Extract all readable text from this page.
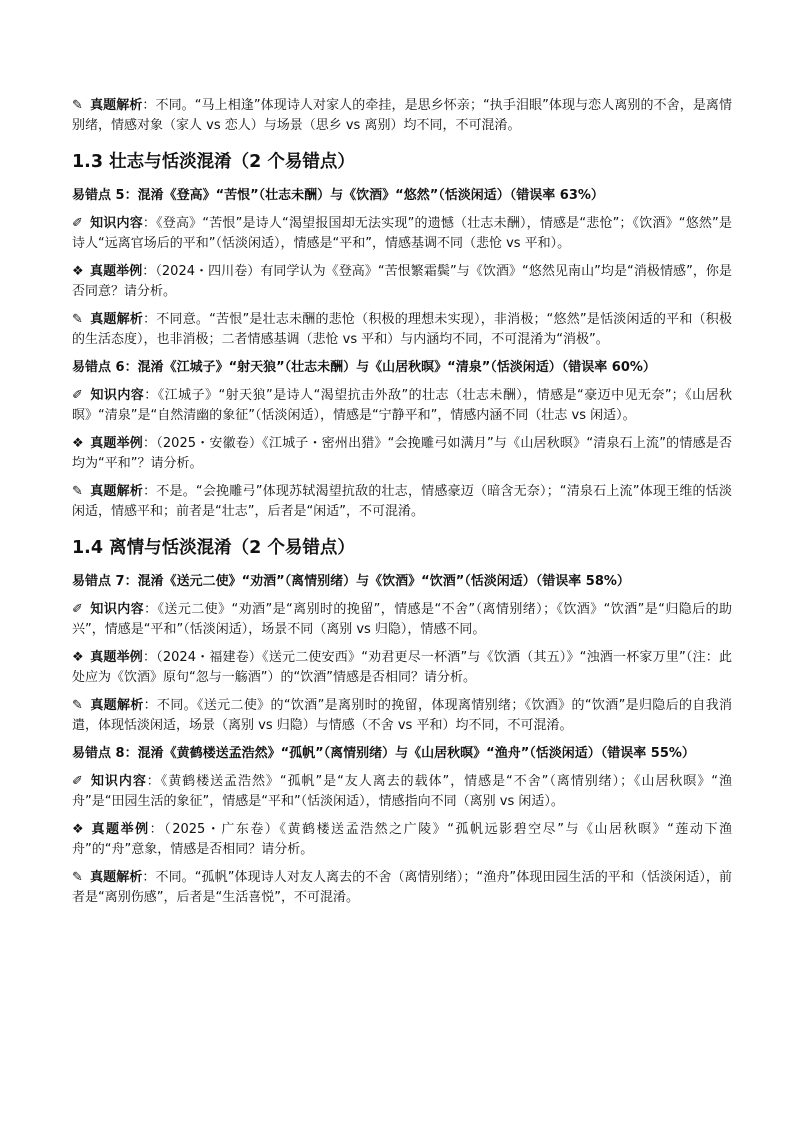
✎ 真题解析：不同。“马上相逢”体现诗人对家人的牵挂，是思乡怀亲；“执手泪眼”体现与恋人离别的不舍，是离情别绪，情感对象（家人 vs 恋人）与场景（思乡 vs 离别）均不同，不可混淆。

1.3 壮志与恬淡混淆（2 个易错点）

易错点 5：混淆《登高》“苦恨”（壮志未酬）与《饮酒》“悠然”（恬淡闲适）（错误率 63%）

✐ 知识内容：《登高》“苦恨”是诗人“渴望报国却无法实现”的遗憾（壮志未酬），情感是“悲怆”；《饮酒》“悠然”是诗人“远离官场后的平和”（恬淡闲适），情感是“平和”，情感基调不同（悲怆 vs 平和）。

❖ 真题举例：（2024・四川卷）有同学认为《登高》“苦恨繁霜鬓”与《饮酒》“悠然见南山”均是“消极情感”，你是否同意？请分析。

✎ 真题解析：不同意。“苦恨”是壮志未酬的悲怆（积极的理想未实现），非消极；“悠然”是恬淡闲适的平和（积极的生活态度），也非消极；二者情感基调（悲怆 vs 平和）与内涵均不同，不可混淆为“消极”。

易错点 6：混淆《江城子》“射天狼”（壮志未酬）与《山居秋暝》“清泉”（恬淡闲适）（错误率 60%）

✐ 知识内容：《江城子》“射天狼”是诗人“渴望抗击外敌”的壮志（壮志未酬），情感是“豪迈中见无奈”；《山居秋暝》“清泉”是“自然清幽的象征”（恬淡闲适），情感是“宁静平和”，情感内涵不同（壮志 vs 闲适）。

❖ 真题举例：（2025・安徽卷）《江城子・密州出猎》“会挽雕弓如满月”与《山居秋暝》“清泉石上流”的情感是否均为“平和”？请分析。

✎ 真题解析：不是。“会挽雕弓”体现苏轼渴望抗敌的壮志，情感豪迈（暗含无奈）；“清泉石上流”体现王维的恬淡闲适，情感平和；前者是“壮志”，后者是“闲适”，不可混淆。

1.4 离情与恬淡混淆（2 个易错点）

易错点 7：混淆《送元二使》“劝酒”（离情别绪）与《饮酒》“饮酒”（恬淡闲适）（错误率 58%）

✐ 知识内容：《送元二使》“劝酒”是“离别时的挽留”，情感是“不舍”（离情别绪）；《饮酒》“饮酒”是“归隐后的助兴”，情感是“平和”（恬淡闲适），场景不同（离别 vs 归隐），情感不同。

❖ 真题举例：（2024・福建卷）《送元二使安西》“劝君更尽一杯酒”与《饮酒（其五）》“浊酒一杯家万里”（注：此处应为《饮酒》原句“忽与一觞酒”）的“饮酒”情感是否相同？请分析。

✎ 真题解析：不同。《送元二使》的“饮酒”是离别时的挽留，体现离情别绪；《饮酒》的“饮酒”是归隐后的自我消遣，体现恬淡闲适，场景（离别 vs 归隐）与情感（不舍 vs 平和）均不同，不可混淆。

易错点 8：混淆《黄鹤楼送孟浩然》“孤帆”（离情别绪）与《山居秋暝》“渔舟”（恬淡闲适）（错误率 55%）

✐ 知识内容：《黄鹤楼送孟浩然》“孤帆”是“友人离去的载体”，情感是“不舍”（离情别绪）；《山居秋暝》“渔舟”是“田园生活的象征”，情感是“平和”（恬淡闲适），情感指向不同（离别 vs 闲适）。

❖ 真题举例：（2025・广东卷）《黄鹤楼送孟浩然之广陵》“孤帆远影碧空尽”与《山居秋暝》“莲动下渔舟”的“舟”意象，情感是否相同？请分析。

✎ 真题解析：不同。“孤帆”体现诗人对友人离去的不舍（离情别绪）；“渔舟”体现田园生活的平和（恬淡闲适），前者是“离别伤感”，后者是“生活喜悦”，不可混淆。
